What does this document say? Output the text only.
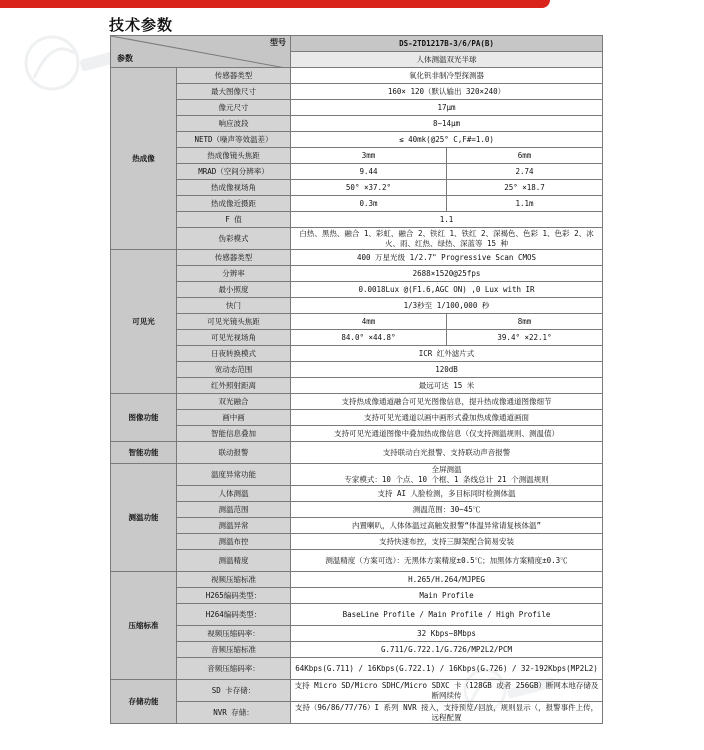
技术参数
型号
参数		DS-2TD1217B-3/6/PA(B)	
		人体测温双光半球	
热成像	传感器类型	氧化钒非制冷型探测器	
	最大图像尺寸	160× 120（默认输出 320×240）	
	像元尺寸	17μm	
	响应波段	8~14μm	
	NETD（噪声等效温差）	≤ 40mk(@25° C,F#=1.0)	
	热成像镜头焦距	3mm	6mm
	MRAD（空间分辨率）	9.44	2.74
	热成像视场角	50° ×37.2°	25° ×18.7
	热成像近摄距	0.3m	1.1m
	F 值	1.1	
	伪彩模式	白热、黑热、融合 1、彩虹、融合 2、铁红 1、铁红 2、深褐色、色彩 1、色彩 2、冰火、雨、红热、绿热、深蓝等 15 种	
可见光	传感器类型	400 万星光级 1/2.7" Progressive Scan CMOS	
	分辨率	2688×1520@25fps	
	最小照度	0.0018Lux @(F1.6,AGC ON) ,0 Lux with IR	
	快门	1/3秒至 1/100,000 秒	
	可见光镜头焦距	4mm	8mm
	可见光视场角	84.0° ×44.8°	39.4° ×22.1°
	日夜转换模式	ICR 红外滤片式	
	宽动态范围	120dB	
	红外照射距离	最远可达 15 米	
图像功能	双光融合	支持热成像通道融合可见光图像信息，提升热成像通道图像细节	
	画中画	支持可见光通道以画中画形式叠加热成像通道画面	
	智能信息叠加	支持可见光通道图像中叠加热成像信息（仅支持测温规则、测温值）	
智能功能	联动报警	支持联动白光报警、支持联动声音报警	
测温功能	温度异常功能	全屏测温
专家模式：10 个点、10 个框、1 条线总计 21 个测温规则	
	人体测温	支持 AI 人脸检测，多目标同时检测体温	
	测温范围	测温范围：30~45℃	
	测温异常	内置喇叭，人体体温过高触发报警“体温异常请复核体温”	
	测温布控	支持快速布控，支持三脚架配合简易安装	
	测温精度	测温精度（方案可选）：无黑体方案精度±0.5℃；加黑体方案精度±0.3℃	
压缩标准	视频压缩标准	H.265/H.264/MJPEG	
	H265编码类型：	Main Profile	
	H264编码类型：	BaseLine Profile / Main Profile / High Profile	
	视频压缩码率：	32 Kbps~8Mbps	
	音频压缩标准	G.711/G.722.1/G.726/MP2L2/PCM	
	音频压缩码率：	64Kbps(G.711) / 16Kbps(G.722.1) / 16Kbps(G.726) / 32-192Kbps(MP2L2)	
存储功能	SD 卡存储：	支持 Micro SD/Micro SDHC/Micro SDXC 卡（128GB 或者 256GB）断网本地存储及断网续传	
	NVR 存储：	支持（96/86/77/76）I 系列 NVR 接入，支持预览/回放，规则显示（，报警事件上传，远程配置	
